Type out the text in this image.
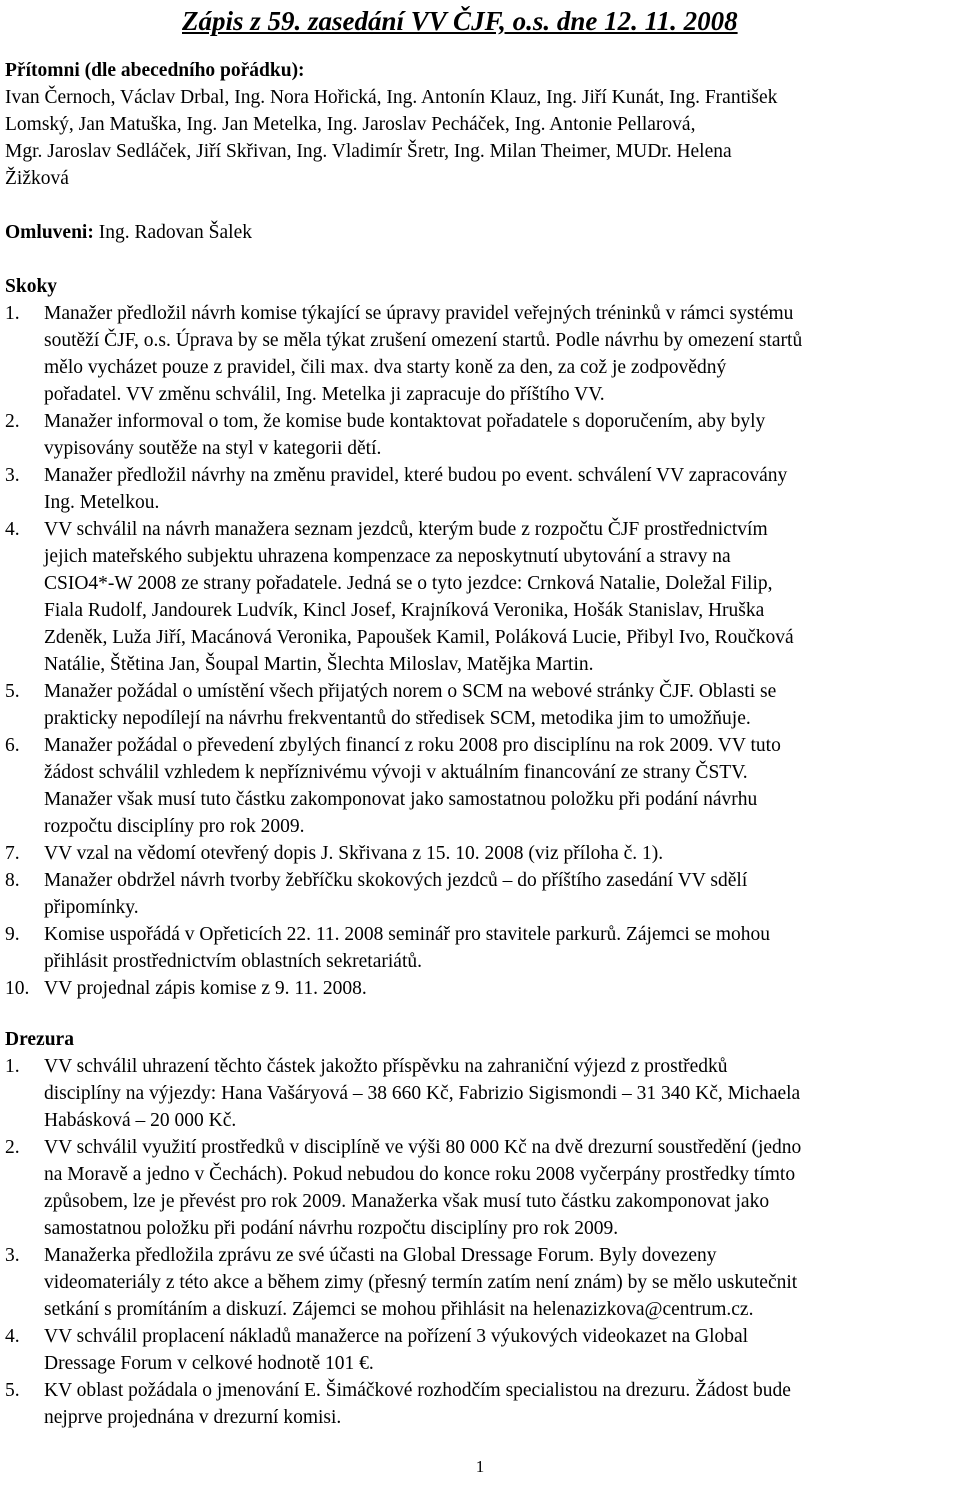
Zápis z 59. zasedání VV ČJF, o.s. dne 12. 11. 2008

Přítomni (dle abecedního pořádku):

Ivan Černoch, Václav Drbal, Ing. Nora Hořická, Ing. Antonín Klauz, Ing. Jiří Kunát, Ing. František
Lomský, Jan Matuška, Ing. Jan Metelka, Ing. Jaroslav Pecháček, Ing. Antonie Pellarová,
Mgr. Jaroslav Sedláček, Jiří Skřivan, Ing. Vladimír Šretr, Ing. Milan Theimer, MUDr. Helena
Žižková
Omluveni: Ing. Radovan Šalek

Skoky

1. Manažer předložil návrh komise týkající se úpravy pravidel veřejných tréninků v rámci systému
soutěží ČJF, o.s. Úprava by se měla týkat zrušení omezení startů. Podle návrhu by omezení startů
mělo vycházet pouze z pravidel, čili max. dva starty koně za den, za což je zodpovědný
pořadatel. VV změnu schválil, Ing. Metelka ji zapracuje do příštího VV.
2. Manažer informoval o tom, že komise bude kontaktovat pořadatele s doporučením, aby byly
vypisovány soutěže na styl v kategorii dětí.
3. Manažer předložil návrhy na změnu pravidel, které budou po event. schválení VV zapracovány
Ing. Metelkou.
4. VV schválil na návrh manažera seznam jezdců, kterým bude z rozpočtu ČJF prostřednictvím
jejich mateřského subjektu uhrazena kompenzace za neposkytnutí ubytování a stravy na
CSIO4*-W 2008 ze strany pořadatele. Jedná se o tyto jezdce: Crnková Natalie, Doležal Filip,
Fiala Rudolf, Jandourek Ludvík, Kincl Josef, Krajníková Veronika, Hošák Stanislav, Hruška
Zdeněk, Luža Jiří, Macánová Veronika, Papoušek Kamil, Poláková Lucie, Přibyl Ivo, Roučková
Natálie, Štětina Jan, Šoupal Martin, Šlechta Miloslav, Matějka Martin.
5. Manažer požádal o umístění všech přijatých norem o SCM na webové stránky ČJF. Oblasti se
prakticky nepodílejí na návrhu frekventantů do středisek SCM, metodika jim to umožňuje.
6. Manažer požádal o převedení zbylých financí z roku 2008 pro disciplínu na rok 2009. VV tuto
žádost schválil vzhledem k nepříznivému vývoji v aktuálním financování ze strany ČSTV.
Manažer však musí tuto částku zakomponovat jako samostatnou položku při podání návrhu
rozpočtu disciplíny pro rok 2009.
7. VV vzal na vědomí otevřený dopis J. Skřivana z 15. 10. 2008 (viz příloha č. 1).
8. Manažer obdržel návrh tvorby žebříčku skokových jezdců – do příštího zasedání VV sdělí
připomínky.
9. Komise uspořádá v Opřeticích 22. 11. 2008 seminář pro stavitele parkurů. Zájemci se mohou
přihlásit prostřednictvím oblastních sekretariátů.
10. VV projednal zápis komise z 9. 11. 2008.

Drezura

1. VV schválil uhrazení těchto částek jakožto příspěvku na zahraniční výjezd z prostředků
disciplíny na výjezdy: Hana Vašáryová – 38 660 Kč, Fabrizio Sigismondi – 31 340 Kč, Michaela
Habásková – 20 000 Kč.
2. VV schválil využití prostředků v disciplíně ve výši 80 000 Kč na dvě drezurní soustředění (jedno
na Moravě a jedno v Čechách). Pokud nebudou do konce roku 2008 vyčerpány prostředky tímto
způsobem, lze je převést pro rok 2009. Manažerka však musí tuto částku zakomponovat jako
samostatnou položku při podání návrhu rozpočtu disciplíny pro rok 2009.
3. Manažerka předložila zprávu ze své účasti na Global Dressage Forum. Byly dovezeny
videomateriály z této akce a během zimy (přesný termín zatím není znám) by se mělo uskutečnit
setkání s promítáním a diskuzí. Zájemci se mohou přihlásit na helenazizkova@centrum.cz.
4. VV schválil proplacení nákladů manažerce na pořízení 3 výukových videokazet na Global
Dressage Forum v celkové hodnotě 101 €.
5. KV oblast požádala o jmenování E. Šimáčkové rozhodčím specialistou na drezuru. Žádost bude
nejprve projednána v drezurní komisi.
1
